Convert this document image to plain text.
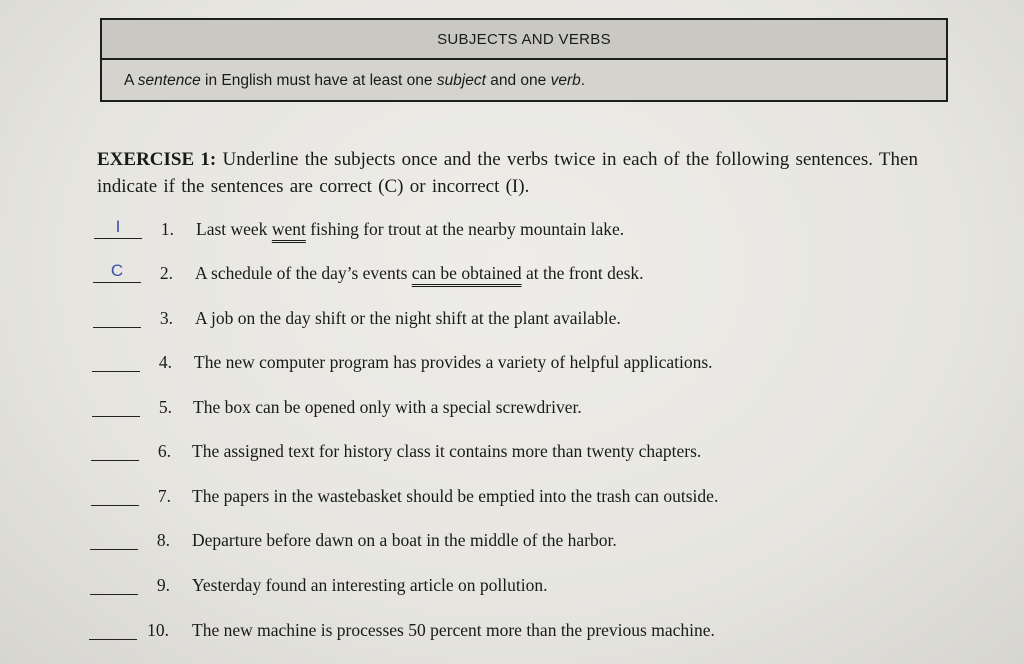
SUBJECTS AND VERBS
A sentence in English must have at least one subject and one verb.
EXERCISE 1: Underline the subjects once and the verbs twice in each of the following sentences. Then indicate if the sentences are correct (C) or incorrect (I).
I	1. Last week went fishing for trout at the nearby mountain lake.
C	2. A schedule of the day’s events can be obtained at the front desk.
3. A job on the day shift or the night shift at the plant available.
4. The new computer program has provides a variety of helpful applications.
5. The box can be opened only with a special screwdriver.
6. The assigned text for history class it contains more than twenty chapters.
7. The papers in the wastebasket should be emptied into the trash can outside.
8. Departure before dawn on a boat in the middle of the harbor.
9. Yesterday found an interesting article on pollution.
10. The new machine is processes 50 percent more than the previous machine.
